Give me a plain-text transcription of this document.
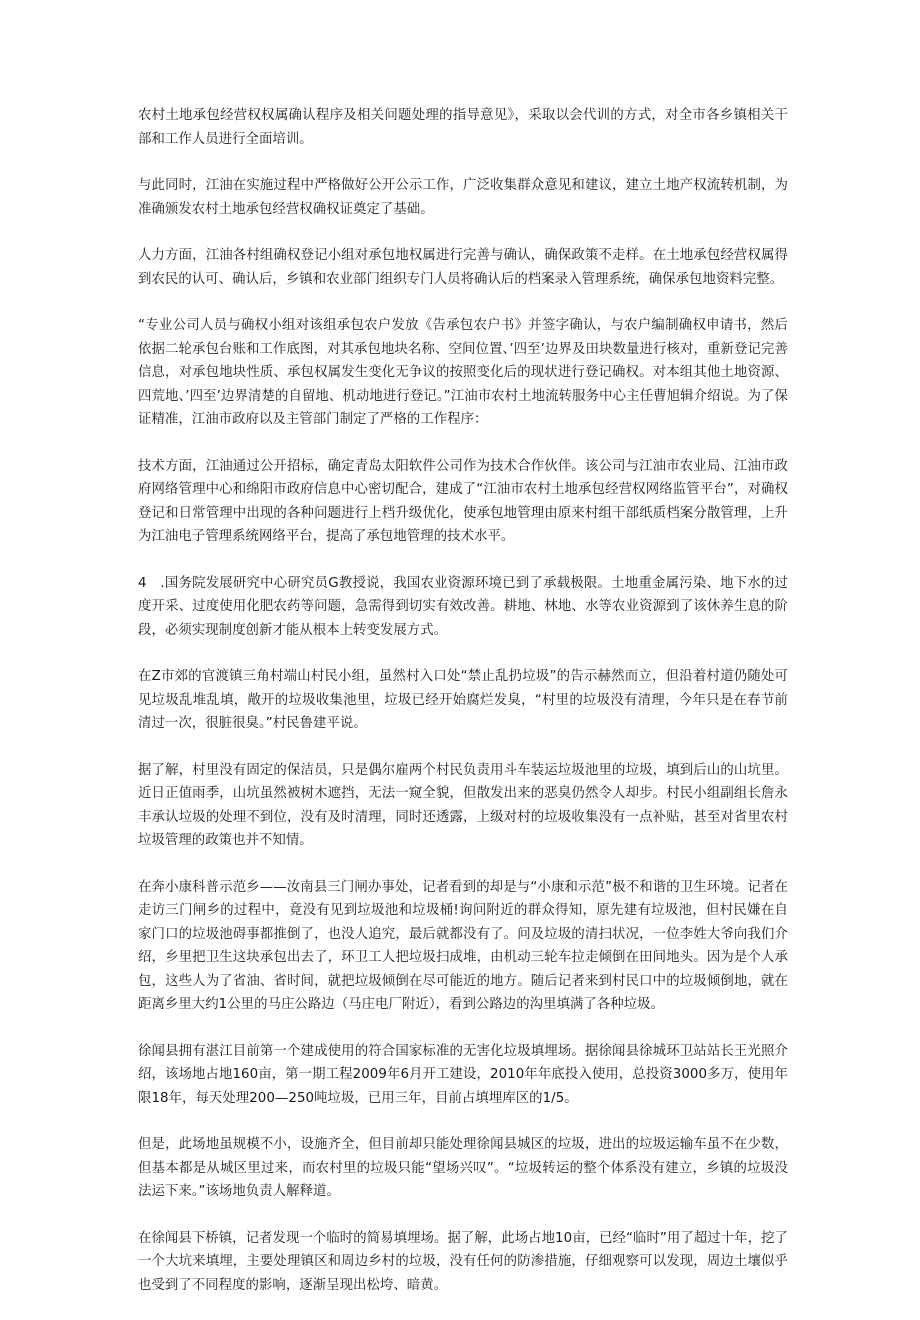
农村土地承包经营权权属确认程序及相关问题处理的指导意见》，采取以会代训的方式，对全市各乡镇相关干部和工作人员进行全面培训。

与此同时，江油在实施过程中严格做好公开公示工作，广泛收集群众意见和建议，建立土地产权流转机制，为准确颁发农村土地承包经营权确权证奠定了基础。

人力方面，江油各村组确权登记小组对承包地权属进行完善与确认，确保政策不走样。在土地承包经营权属得到农民的认可、确认后，乡镇和农业部门组织专门人员将确认后的档案录入管理系统，确保承包地资料完整。

“专业公司人员与确权小组对该组承包农户发放《告承包农户书》并签字确认，与农户编制确权申请书，然后依据二轮承包台账和工作底图，对其承包地块名称、空间位置、’四至’边界及田块数量进行核对，重新登记完善信息，对承包地块性质、承包权属发生变化无争议的按照变化后的现状进行登记确权。对本组其他土地资源、四荒地、’四至’边界清楚的自留地、机动地进行登记。”江油市农村土地流转服务中心主任曹旭辑介绍说。为了保证精准，江油市政府以及主管部门制定了严格的工作程序：

技术方面，江油通过公开招标，确定青岛太阳软件公司作为技术合作伙伴。该公司与江油市农业局、江油市政府网络管理中心和绵阳市政府信息中心密切配合，建成了“江油市农村土地承包经营权网络监管平台”，对确权登记和日常管理中出现的各种问题进行上档升级优化，使承包地管理由原来村组干部纸质档案分散管理，上升为江油电子管理系统网络平台，提高了承包地管理的技术水平。

4　.国务院发展研究中心研究员G教授说，我国农业资源环境已到了承载极限。土地重金属污染、地下水的过度开采、过度使用化肥农药等问题，急需得到切实有效改善。耕地、林地、水等农业资源到了该休养生息的阶段，必须实现制度创新才能从根本上转变发展方式。

在Z市郊的官渡镇三角村端山村民小组，虽然村入口处“禁止乱扔垃圾”的告示赫然而立，但沿着村道仍随处可见垃圾乱堆乱填，敞开的垃圾收集池里，垃圾已经开始腐烂发臭，“村里的垃圾没有清理，今年只是在春节前清过一次，很脏很臭。”村民鲁建平说。

据了解，村里没有固定的保洁员，只是偶尔雇两个村民负责用斗车装运垃圾池里的垃圾，填到后山的山坑里。近日正值雨季，山坑虽然被树木遮挡，无法一窥全貌，但散发出来的恶臭仍然令人却步。村民小组副组长詹永丰承认垃圾的处理不到位，没有及时清理，同时还透露，上级对村的垃圾收集没有一点补贴，甚至对省里农村垃圾管理的政策也并不知情。

在奔小康科普示范乡——汝南县三门闸办事处，记者看到的却是与“小康和示范”极不和谐的卫生环境。记者在走访三门闸乡的过程中，竟没有见到垃圾池和垃圾桶!询问附近的群众得知，原先建有垃圾池，但村民嫌在自家门口的垃圾池碍事都推倒了，也没人追究，最后就都没有了。问及垃圾的清扫状况，一位李姓大爷向我们介绍，乡里把卫生这块承包出去了，环卫工人把垃圾扫成堆，由机动三轮车拉走倾倒在田间地头。因为是个人承包，这些人为了省油、省时间，就把垃圾倾倒在尽可能近的地方。随后记者来到村民口中的垃圾倾倒地，就在距离乡里大约1公里的马庄公路边（马庄电厂附近），看到公路边的沟里填满了各种垃圾。

徐闻县拥有湛江目前第一个建成使用的符合国家标准的无害化垃圾填埋场。据徐闻县徐城环卫站站长王光照介绍，该场地占地160亩，第一期工程2009年6月开工建设，2010年年底投入使用，总投资3000多万，使用年限18年，每天处理200—250吨垃圾，已用三年，目前占填埋库区的1/5。

但是，此场地虽规模不小，设施齐全，但目前却只能处理徐闻县城区的垃圾，进出的垃圾运输车虽不在少数，但基本都是从城区里过来，而农村里的垃圾只能“望场兴叹”。“垃圾转运的整个体系没有建立，乡镇的垃圾没法运下来。”该场地负责人解释道。

在徐闻县下桥镇，记者发现一个临时的简易填埋场。据了解，此场占地10亩，已经“临时”用了超过十年，挖了一个大坑来填埋，主要处理镇区和周边乡村的垃圾，没有任何的防渗措施，仔细观察可以发现，周边土壤似乎也受到了不同程度的影响，逐渐呈现出松垮、暗黄。
